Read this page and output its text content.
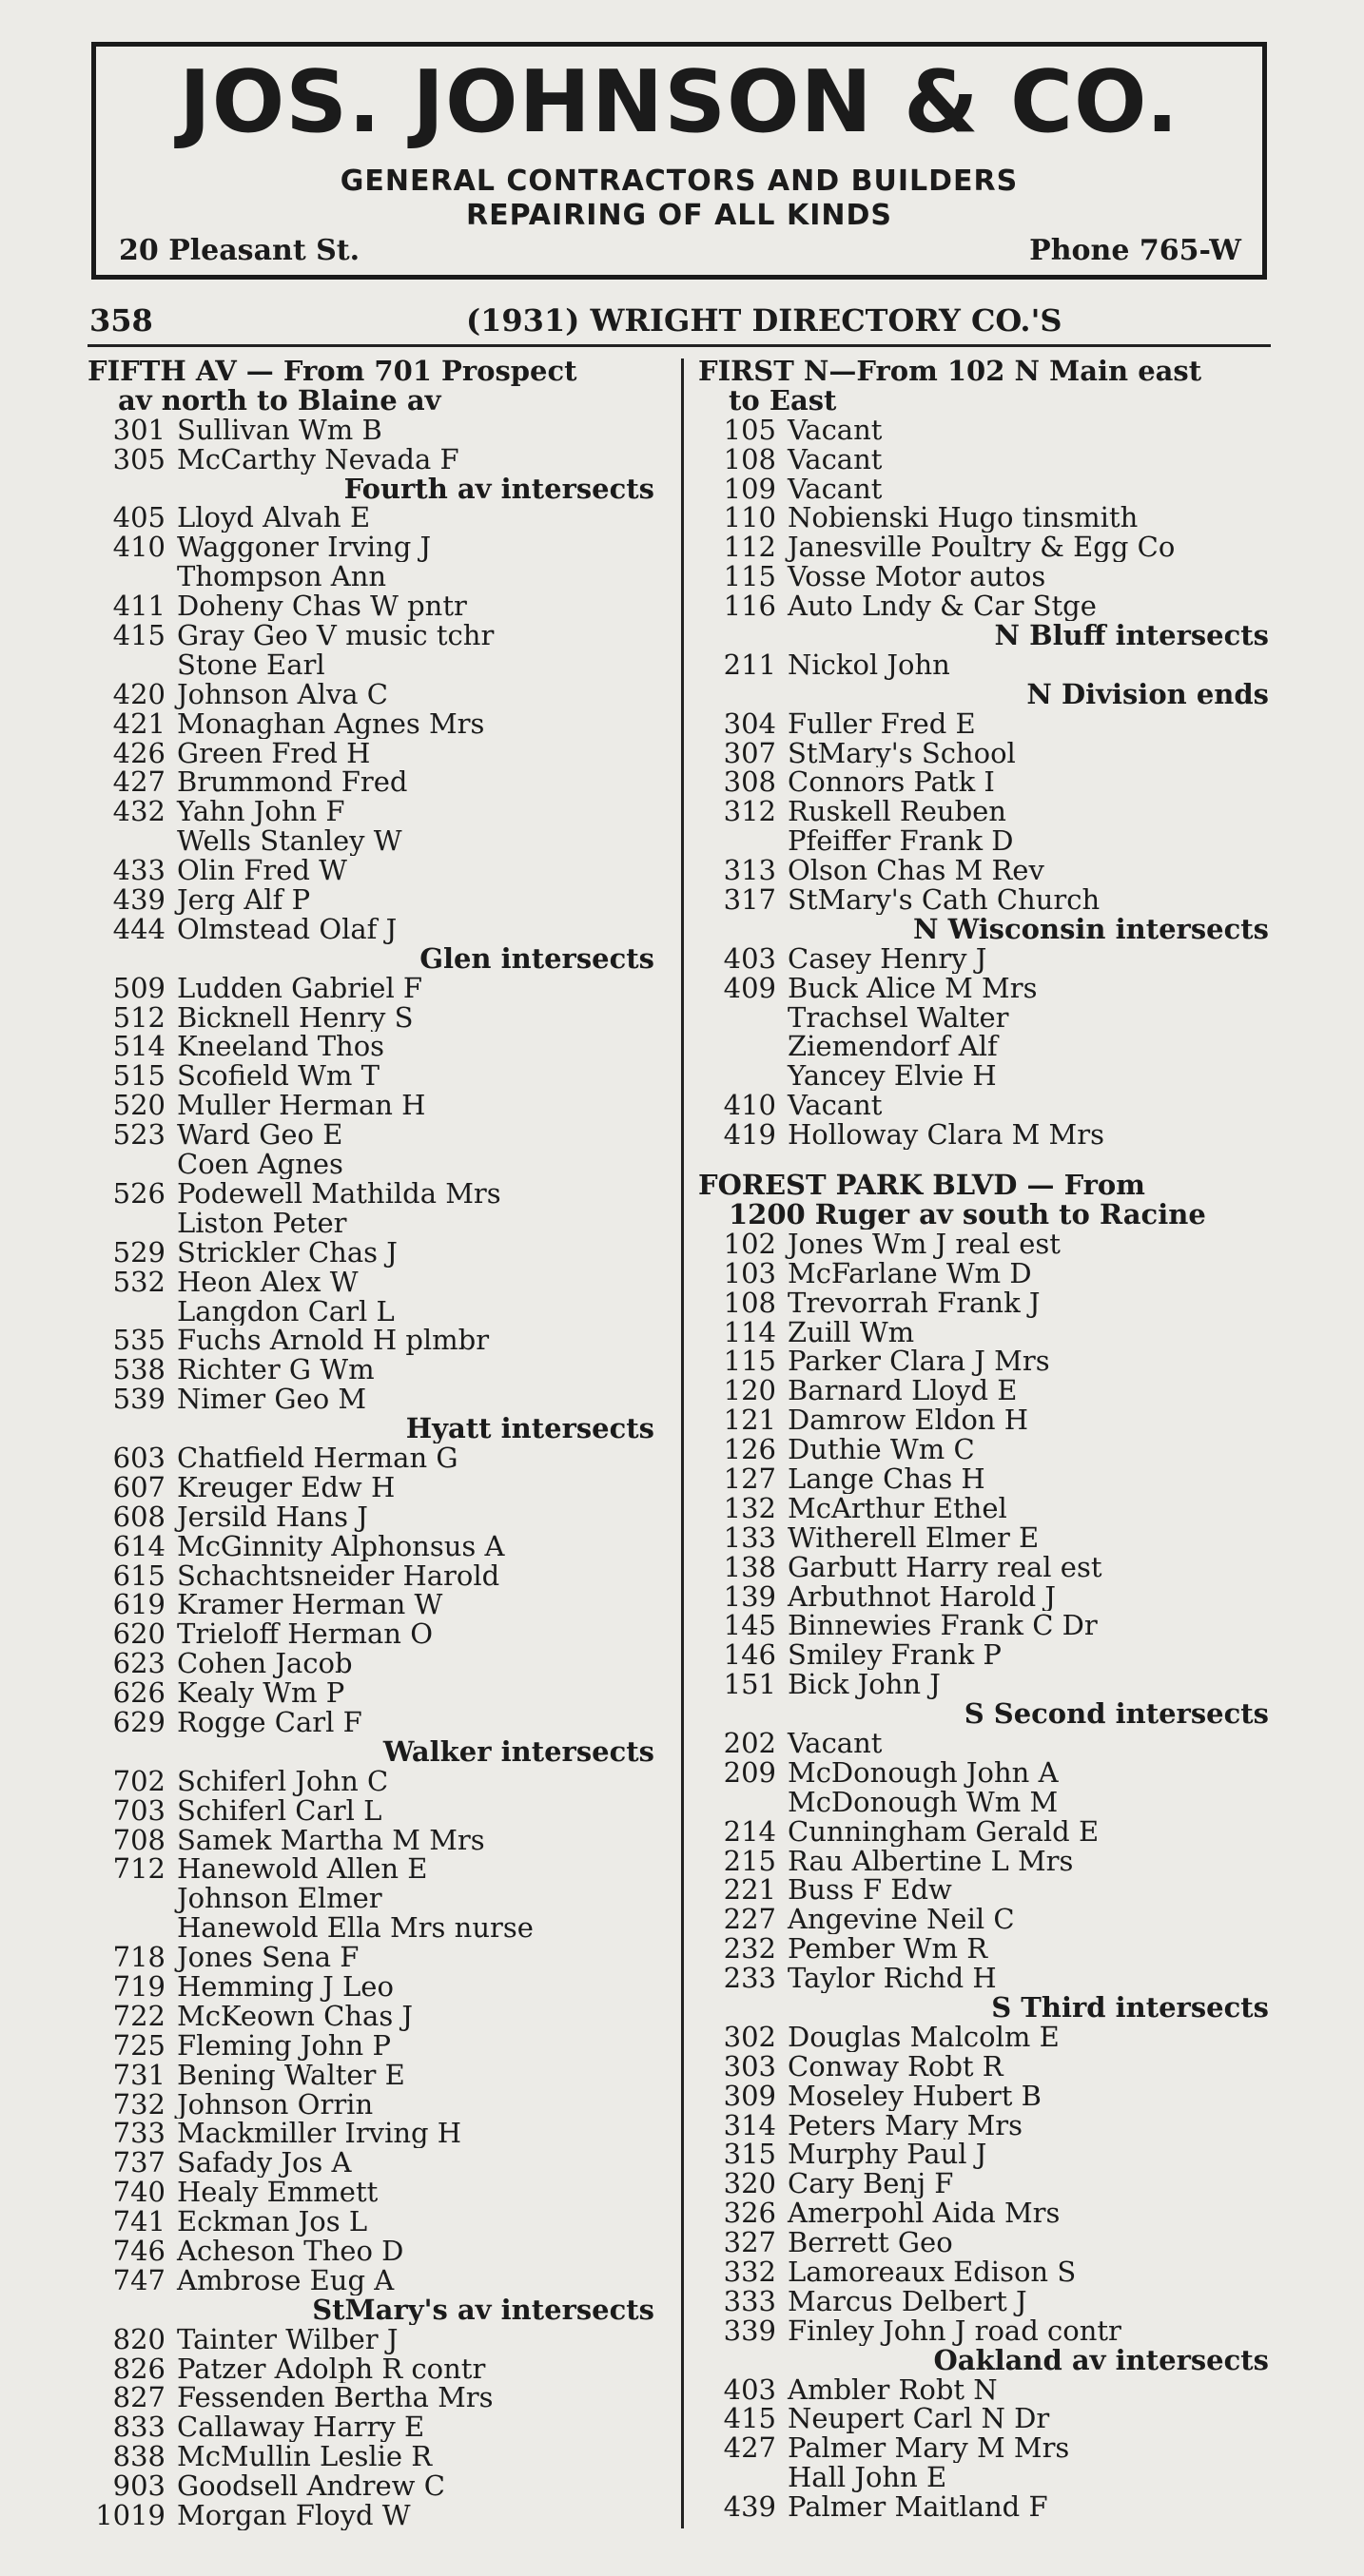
JOS. JOHNSON & CO.
GENERAL CONTRACTORS AND BUILDERS
REPAIRING OF ALL KINDS
20 Pleasant St.	Phone 765-W
358	(1931) WRIGHT DIRECTORY CO.'S
FIFTH AV — From 701 Prospect
av north to Blaine av
301 Sullivan Wm B
305 McCarthy Nevada F
Fourth av intersects
405 Lloyd Alvah E
410 Waggoner Irving J
Thompson Ann
411 Doheny Chas W pntr
415 Gray Geo V music tchr
Stone Earl
420 Johnson Alva C
421 Monaghan Agnes Mrs
426 Green Fred H
427 Brummond Fred
432 Yahn John F
Wells Stanley W
433 Olin Fred W
439 Jerg Alf P
444 Olmstead Olaf J
Glen intersects
509 Ludden Gabriel F
512 Bicknell Henry S
514 Kneeland Thos
515 Scofield Wm T
520 Muller Herman H
523 Ward Geo E
Coen Agnes
526 Podewell Mathilda Mrs
Liston Peter
529 Strickler Chas J
532 Heon Alex W
Langdon Carl L
535 Fuchs Arnold H plmbr
538 Richter G Wm
539 Nimer Geo M
Hyatt intersects
603 Chatfield Herman G
607 Kreuger Edw H
608 Jersild Hans J
614 McGinnity Alphonsus A
615 Schachtsneider Harold
619 Kramer Herman W
620 Trieloff Herman O
623 Cohen Jacob
626 Kealy Wm P
629 Rogge Carl F
Walker intersects
702 Schiferl John C
703 Schiferl Carl L
708 Samek Martha M Mrs
712 Hanewold Allen E
Johnson Elmer
Hanewold Ella Mrs nurse
718 Jones Sena F
719 Hemming J Leo
722 McKeown Chas J
725 Fleming John P
731 Bening Walter E
732 Johnson Orrin
733 Mackmiller Irving H
737 Safady Jos A
740 Healy Emmett
741 Eckman Jos L
746 Acheson Theo D
747 Ambrose Eug A
StMary's av intersects
820 Tainter Wilber J
826 Patzer Adolph R contr
827 Fessenden Bertha Mrs
833 Callaway Harry E
838 McMullin Leslie R
903 Goodsell Andrew C
1019 Morgan Floyd W
FIRST N—From 102 N Main east
to East
105 Vacant
108 Vacant
109 Vacant
110 Nobienski Hugo tinsmith
112 Janesville Poultry & Egg Co
115 Vosse Motor autos
116 Auto Lndy & Car Stge
N Bluff intersects
211 Nickol John
N Division ends
304 Fuller Fred E
307 StMary's School
308 Connors Patk I
312 Ruskell Reuben
Pfeiffer Frank D
313 Olson Chas M Rev
317 StMary's Cath Church
N Wisconsin intersects
403 Casey Henry J
409 Buck Alice M Mrs
Trachsel Walter
Ziemendorf Alf
Yancey Elvie H
410 Vacant
419 Holloway Clara M Mrs
FOREST PARK BLVD — From
1200 Ruger av south to Racine
102 Jones Wm J real est
103 McFarlane Wm D
108 Trevorrah Frank J
114 Zuill Wm
115 Parker Clara J Mrs
120 Barnard Lloyd E
121 Damrow Eldon H
126 Duthie Wm C
127 Lange Chas H
132 McArthur Ethel
133 Witherell Elmer E
138 Garbutt Harry real est
139 Arbuthnot Harold J
145 Binnewies Frank C Dr
146 Smiley Frank P
151 Bick John J
S Second intersects
202 Vacant
209 McDonough John A
McDonough Wm M
214 Cunningham Gerald E
215 Rau Albertine L Mrs
221 Buss F Edw
227 Angevine Neil C
232 Pember Wm R
233 Taylor Richd H
S Third intersects
302 Douglas Malcolm E
303 Conway Robt R
309 Moseley Hubert B
314 Peters Mary Mrs
315 Murphy Paul J
320 Cary Benj F
326 Amerpohl Aida Mrs
327 Berrett Geo
332 Lamoreaux Edison S
333 Marcus Delbert J
339 Finley John J road contr
Oakland av intersects
403 Ambler Robt N
415 Neupert Carl N Dr
427 Palmer Mary M Mrs
Hall John E
439 Palmer Maitland F
